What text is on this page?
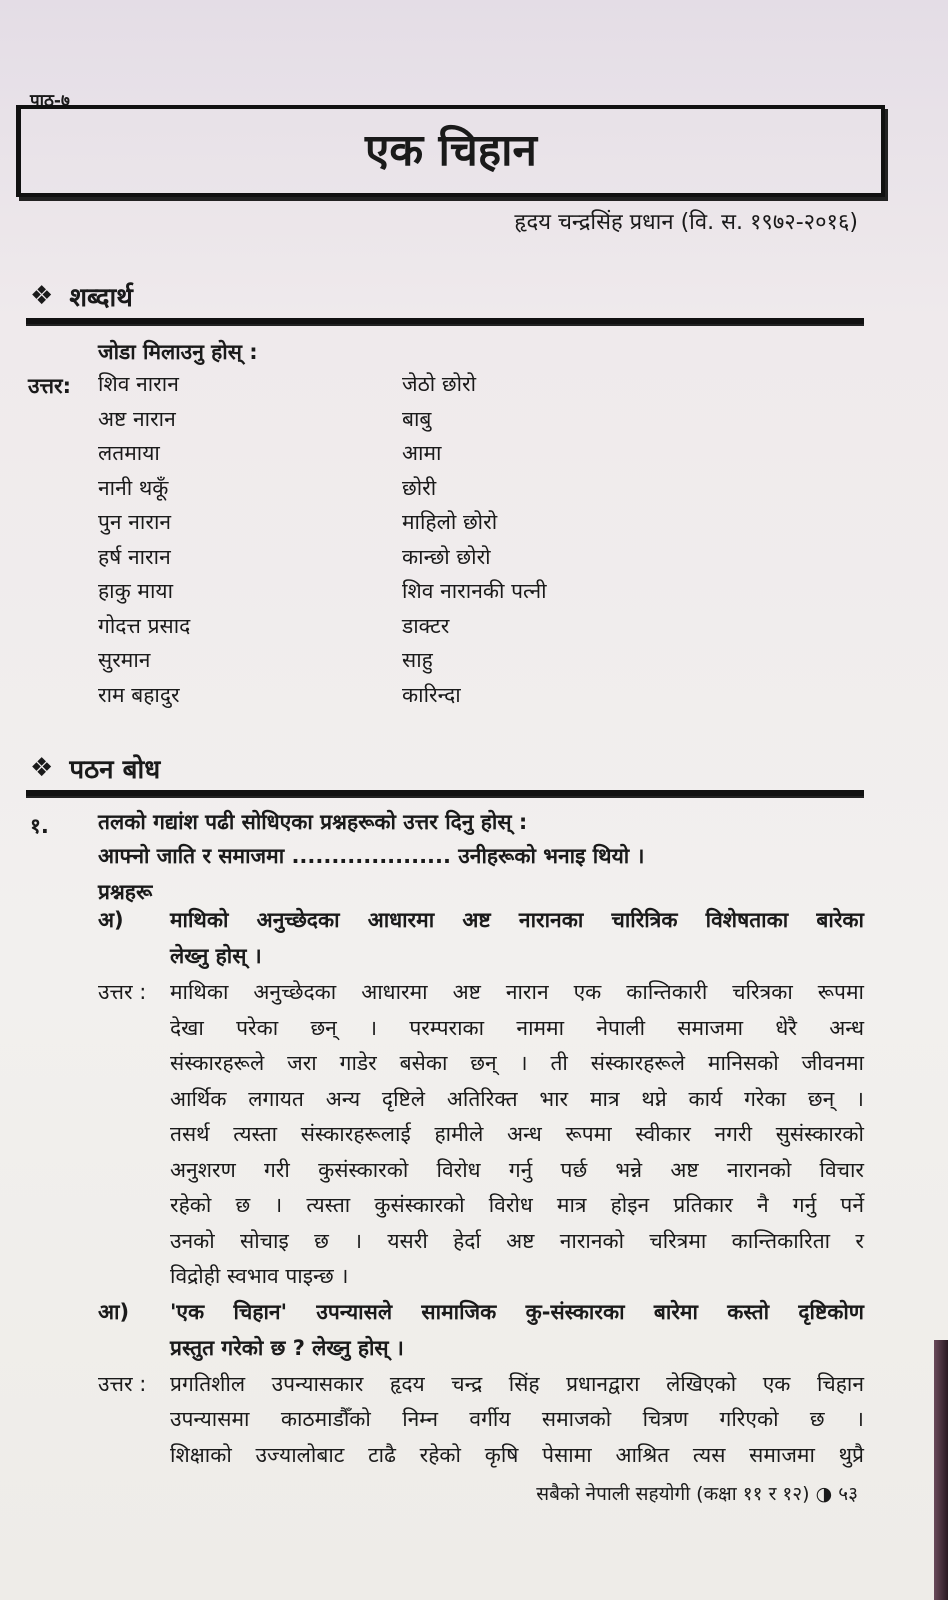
पाठ-७
एक चिहान
हृदय चन्द्रसिंह प्रधान (वि. स. १९७२-२०१६)
❖ शब्दार्थ
जोडा मिलाउनु होस् :
उत्तर:
❖ पठन बोध
१. तलको गद्यांश पढी सोधिएका प्रश्नहरूको उत्तर दिनु होस् :
आफ्नो जाति र समाजमा .................... उनीहरूको भनाइ थियो ।
प्रश्नहरू
सबैको नेपाली सहयोगी (कक्षा ११ र १२) ◑ ५३
शिव नारान	जेठो छोरो
अष्ट नारान	बाबु
लतमाया	आमा
नानी थकूँ	छोरी
पुन नारान	माहिलो छोरो
हर्ष नारान	कान्छो छोरो
हाकु माया	शिव नारानकी पत्नी
गोदत्त प्रसाद	डाक्टर
सुरमान	साहु
राम बहादुर	कारिन्दा
अ) माथिको अनुच्छेदका आधारमा अष्ट नारानका चारित्रिक विशेषताका बारेका
लेख्नु होस् ।
उत्तर : माथिका अनुच्छेदका आधारमा अष्ट नारान एक कान्तिकारी चरित्रका रूपमा
देखा परेका छन् । परम्पराका नाममा नेपाली समाजमा धेरै अन्ध
संस्कारहरूले जरा गाडेर बसेका छन् । ती संस्कारहरूले मानिसको जीवनमा
आर्थिक लगायत अन्य दृष्टिले अतिरिक्त भार मात्र थप्ने कार्य गरेका छन् ।
तसर्थ त्यस्ता संस्कारहरूलाई हामीले अन्ध रूपमा स्वीकार नगरी सुसंस्कारको
अनुशरण गरी कुसंस्कारको विरोध गर्नु पर्छ भन्ने अष्ट नारानको विचार
रहेको छ । त्यस्ता कुसंस्कारको विरोध मात्र होइन प्रतिकार नै गर्नु पर्ने
उनको सोचाइ छ । यसरी हेर्दा अष्ट नारानको चरित्रमा कान्तिकारिता र
विद्रोही स्वभाव पाइन्छ ।
आ) 'एक चिहान' उपन्यासले सामाजिक कु-संस्कारका बारेमा कस्तो दृष्टिकोण
प्रस्तुत गरेको छ ? लेख्नु होस् ।
उत्तर : प्रगतिशील उपन्यासकार हृदय चन्द्र सिंह प्रधानद्वारा लेखिएको एक चिहान
उपन्यासमा काठमाडौँको निम्न वर्गीय समाजको चित्रण गरिएको छ ।
शिक्षाको उज्यालोबाट टाढै रहेको कृषि पेसामा आश्रित त्यस समाजमा थुप्रै
